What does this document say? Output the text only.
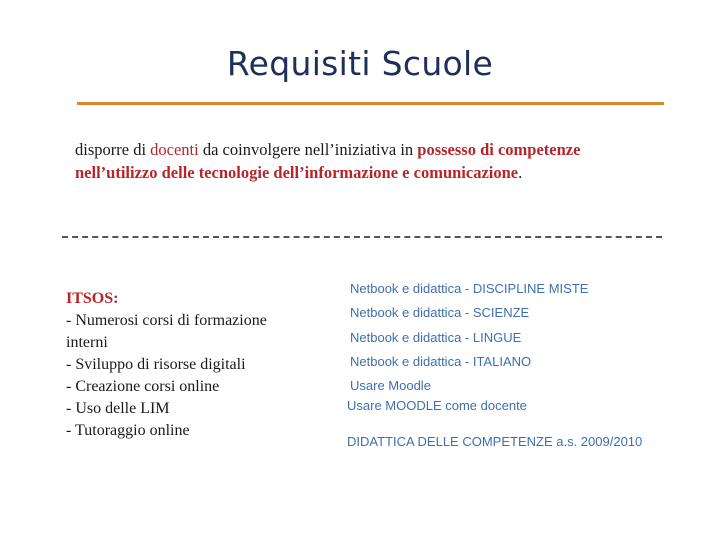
Requisiti Scuole
disporre di docenti da coinvolgere nell’iniziativa in possesso di competenze nell’utilizzo delle tecnologie dell’informazione e comunicazione.
ITSOS:
- Numerosi corsi di formazione interni
- Sviluppo di risorse digitali
- Creazione corsi online
- Uso delle LIM
- Tutoraggio online
Netbook e didattica - DISCIPLINE MISTE
Netbook e didattica - SCIENZE
Netbook e didattica - LINGUE
Netbook e didattica - ITALIANO
Usare Moodle
Usare MOODLE come docente
DIDATTICA DELLE COMPETENZE a.s. 2009/2010
